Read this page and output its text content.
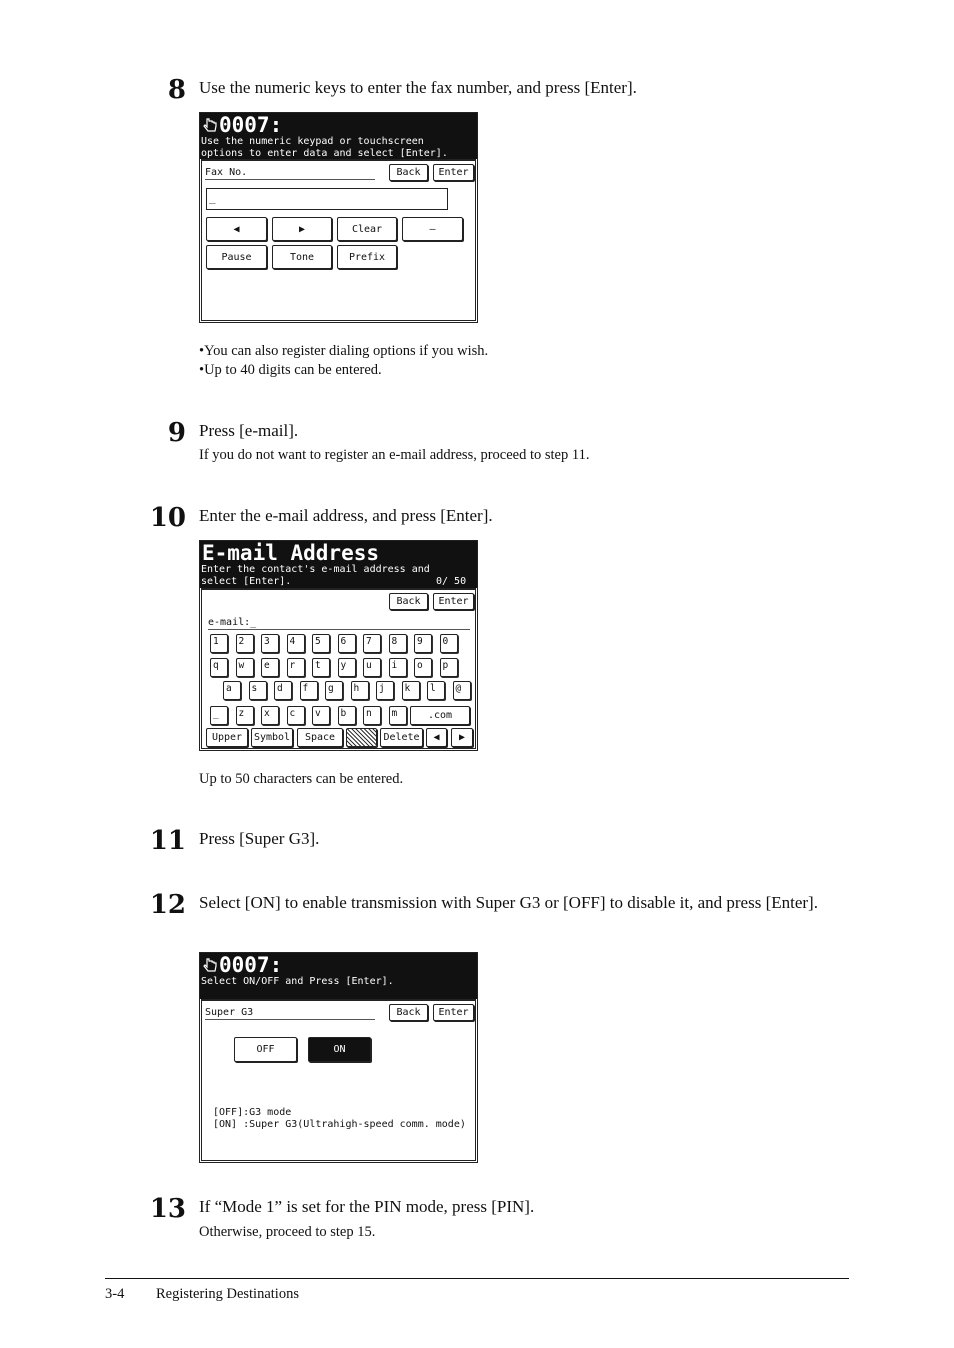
8 Use the numeric keys to enter the fax number, and press [Enter].
0007:
Use the numeric keypad or touchscreen
options to enter data and select [Enter].
Fax No.	Back	Enter
_
◀	▶	Clear	—
Pause	Tone	Prefix
•You can also register dialing options if you wish.
•Up to 40 digits can be entered.
9 Press [e-mail].
If you do not want to register an e-mail address, proceed to step 11.
10 Enter the e-mail address, and press [Enter].
E-mail Address
Enter the contact's e-mail address and
select [Enter].	0/ 50
Back	Enter
e-mail:_
1 2 3 4 5 6 7 8 9 0
q w e r t y u i o p
a s d f g h j k l @
_ z x c v b n m	.com
Upper	Symbol	Space	Delete	◀	▶
Up to 50 characters can be entered.
11 Press [Super G3].
12 Select [ON] to enable transmission with Super G3 or [OFF] to disable it, and press [Enter].
0007:
Select ON/OFF and Press [Enter].
Super G3	Back	Enter
OFF	ON
[OFF]:G3 mode
[ON] :Super G3(Ultrahigh-speed comm. mode)
13 If “Mode 1” is set for the PIN mode, press [PIN].
Otherwise, proceed to step 15.
3-4 Registering Destinations
